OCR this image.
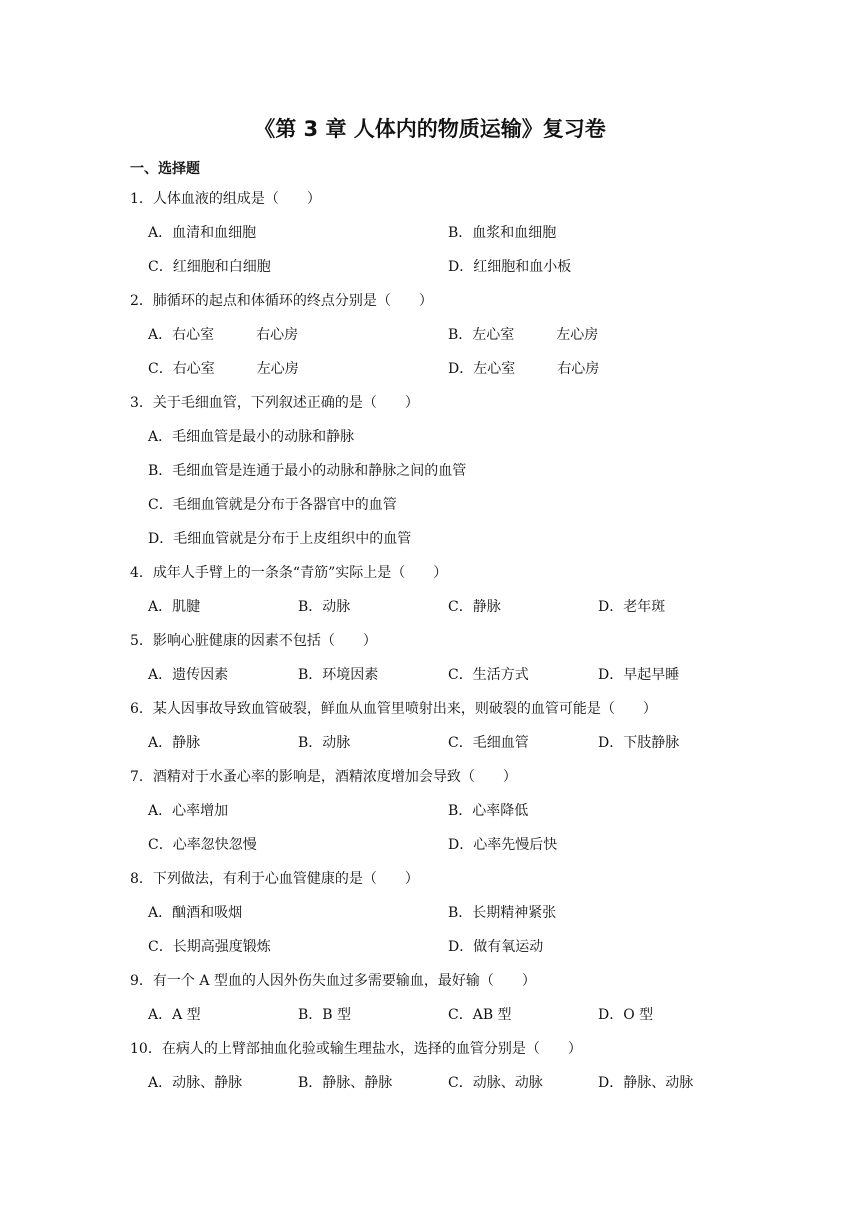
《第 3 章 人体内的物质运输》复习卷
一、选择题
1．人体血液的组成是（　　）
A．血清和血细胞	B．血浆和血细胞
C．红细胞和白细胞	D．红细胞和血小板
2．肺循环的起点和体循环的终点分别是（　　）
A．右心室　　　右心房	B．左心室　　　左心房
C．右心室　　　左心房	D．左心室　　　右心房
3．关于毛细血管，下列叙述正确的是（　　）
A．毛细血管是最小的动脉和静脉
B．毛细血管是连通于最小的动脉和静脉之间的血管
C．毛细血管就是分布于各器官中的血管
D．毛细血管就是分布于上皮组织中的血管
4．成年人手臂上的一条条“青筋”实际上是（　　）
A．肌腱	B．动脉	C．静脉	D．老年斑
5．影响心脏健康的因素不包括（　　）
A．遗传因素	B．环境因素	C．生活方式	D．早起早睡
6．某人因事故导致血管破裂，鲜血从血管里喷射出来，则破裂的血管可能是（　　）
A．静脉	B．动脉	C．毛细血管	D．下肢静脉
7．酒精对于水蚤心率的影响是，酒精浓度增加会导致（　　）
A．心率增加	B．心率降低
C．心率忽快忽慢	D．心率先慢后快
8．下列做法，有利于心血管健康的是（　　）
A．酗酒和吸烟	B．长期精神紧张
C．长期高强度锻炼	D．做有氧运动
9．有一个 A 型血的人因外伤失血过多需要输血，最好输（　　）
A．A 型	B．B 型	C．AB 型	D．O 型
10．在病人的上臂部抽血化验或输生理盐水，选择的血管分别是（　　）
A．动脉、静脉	B．静脉、静脉	C．动脉、动脉	D．静脉、动脉
